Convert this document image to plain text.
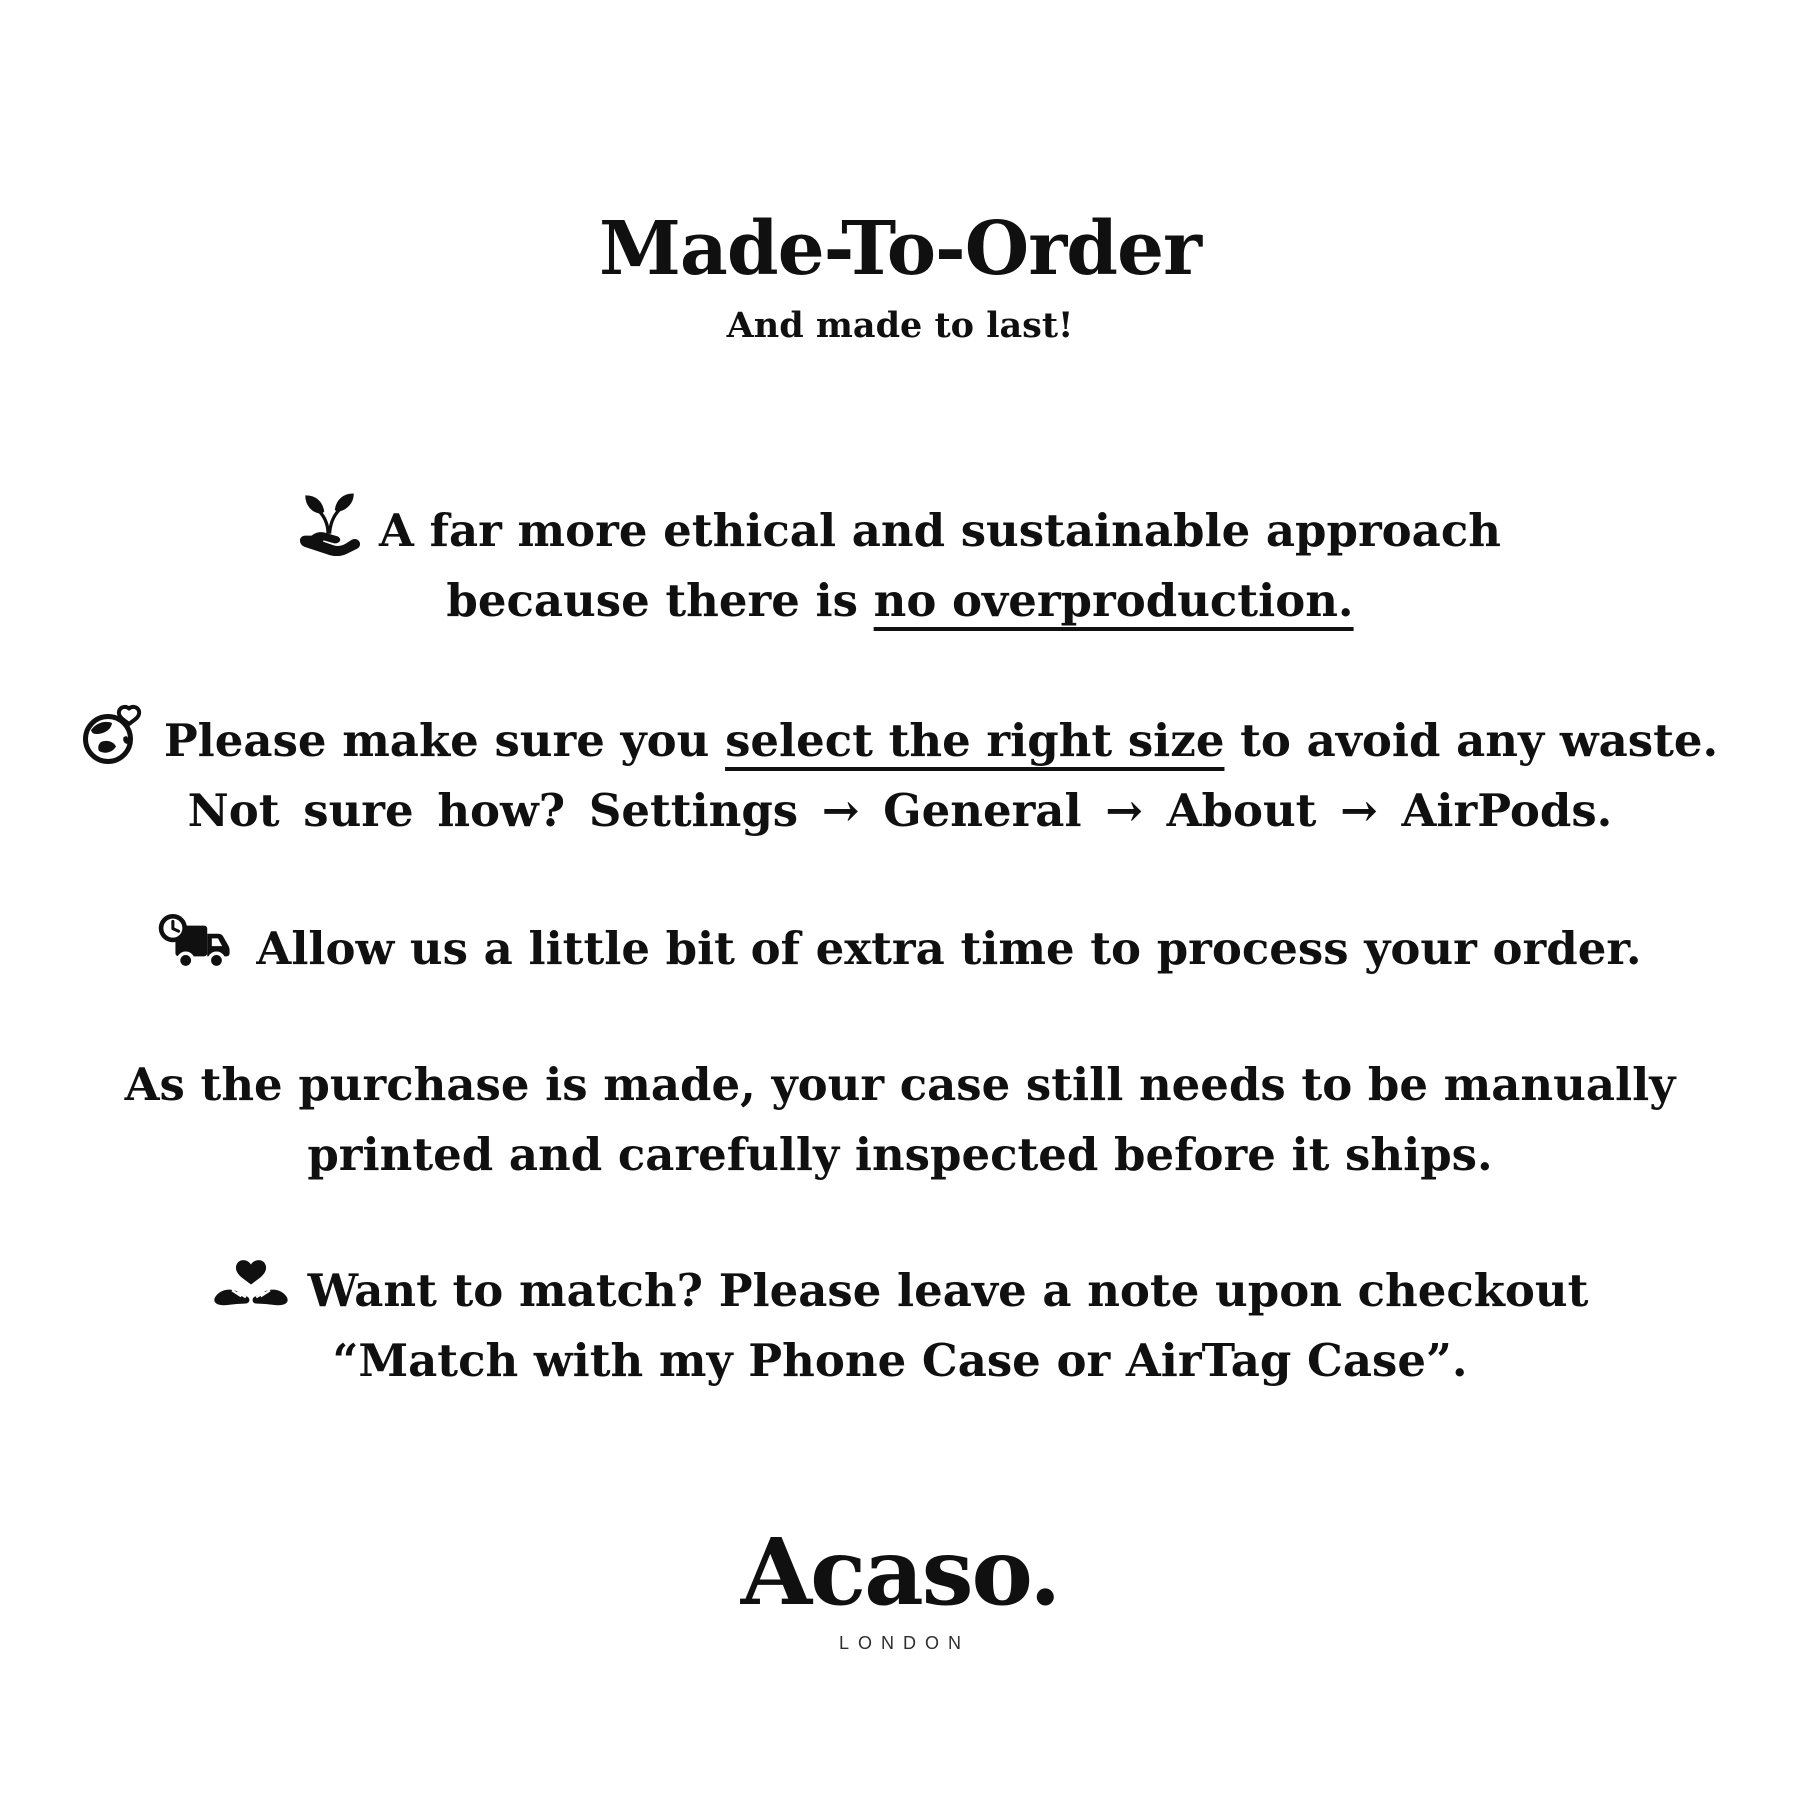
Made-To-Order
And made to last!
A far more ethical and sustainable approach
because there is no overproduction.
Please make sure you select the right size to avoid any waste.
Not sure how? Settings → General → About → AirPods.
Allow us a little bit of extra time to process your order.
As the purchase is made, your case still needs to be manually
printed and carefully inspected before it ships.
Want to match? Please leave a note upon checkout
“Match with my Phone Case or AirTag Case”.
Acaso.
LONDON
